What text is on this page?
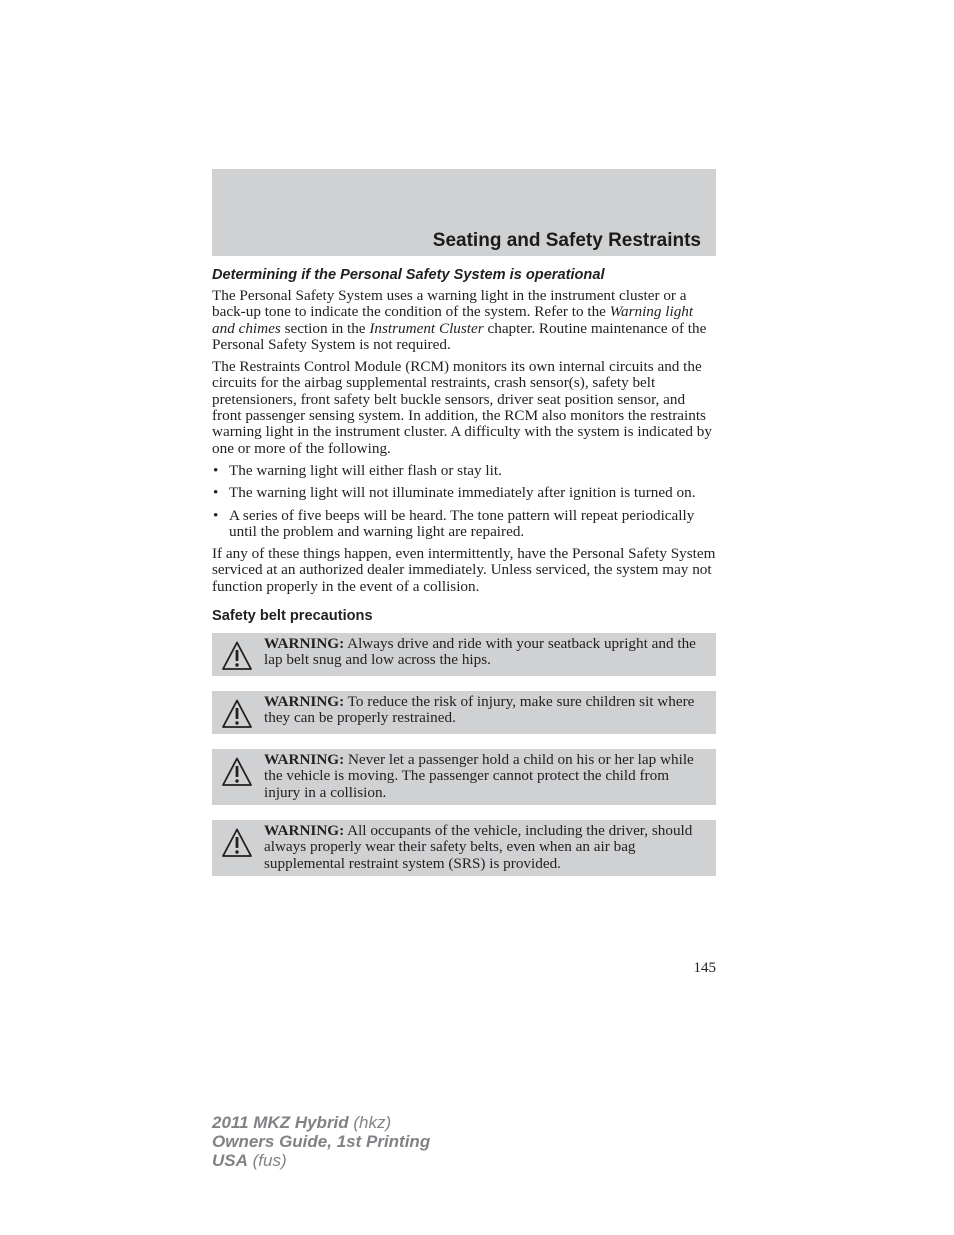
Seating and Safety Restraints
Determining if the Personal Safety System is operational

The Personal Safety System uses a warning light in the instrument cluster or a back-up tone to indicate the condition of the system. Refer to the Warning light and chimes section in the Instrument Cluster chapter. Routine maintenance of the Personal Safety System is not required.

The Restraints Control Module (RCM) monitors its own internal circuits and the circuits for the airbag supplemental restraints, crash sensor(s), safety belt pretensioners, front safety belt buckle sensors, driver seat position sensor, and front passenger sensing system. In addition, the RCM also monitors the restraints warning light in the instrument cluster. A difficulty with the system is indicated by one or more of the following.

• The warning light will either flash or stay lit.
• The warning light will not illuminate immediately after ignition is turned on.
• A series of five beeps will be heard. The tone pattern will repeat periodically until the problem and warning light are repaired.

If any of these things happen, even intermittently, have the Personal Safety System serviced at an authorized dealer immediately. Unless serviced, the system may not function properly in the event of a collision.

Safety belt precautions
WARNING: Always drive and ride with your seatback upright and the lap belt snug and low across the hips.
WARNING: To reduce the risk of injury, make sure children sit where they can be properly restrained.
WARNING: Never let a passenger hold a child on his or her lap while the vehicle is moving. The passenger cannot protect the child from injury in a collision.
WARNING: All occupants of the vehicle, including the driver, should always properly wear their safety belts, even when an air bag supplemental restraint system (SRS) is provided.
145
2011 MKZ Hybrid (hkz)
Owners Guide, 1st Printing
USA (fus)
